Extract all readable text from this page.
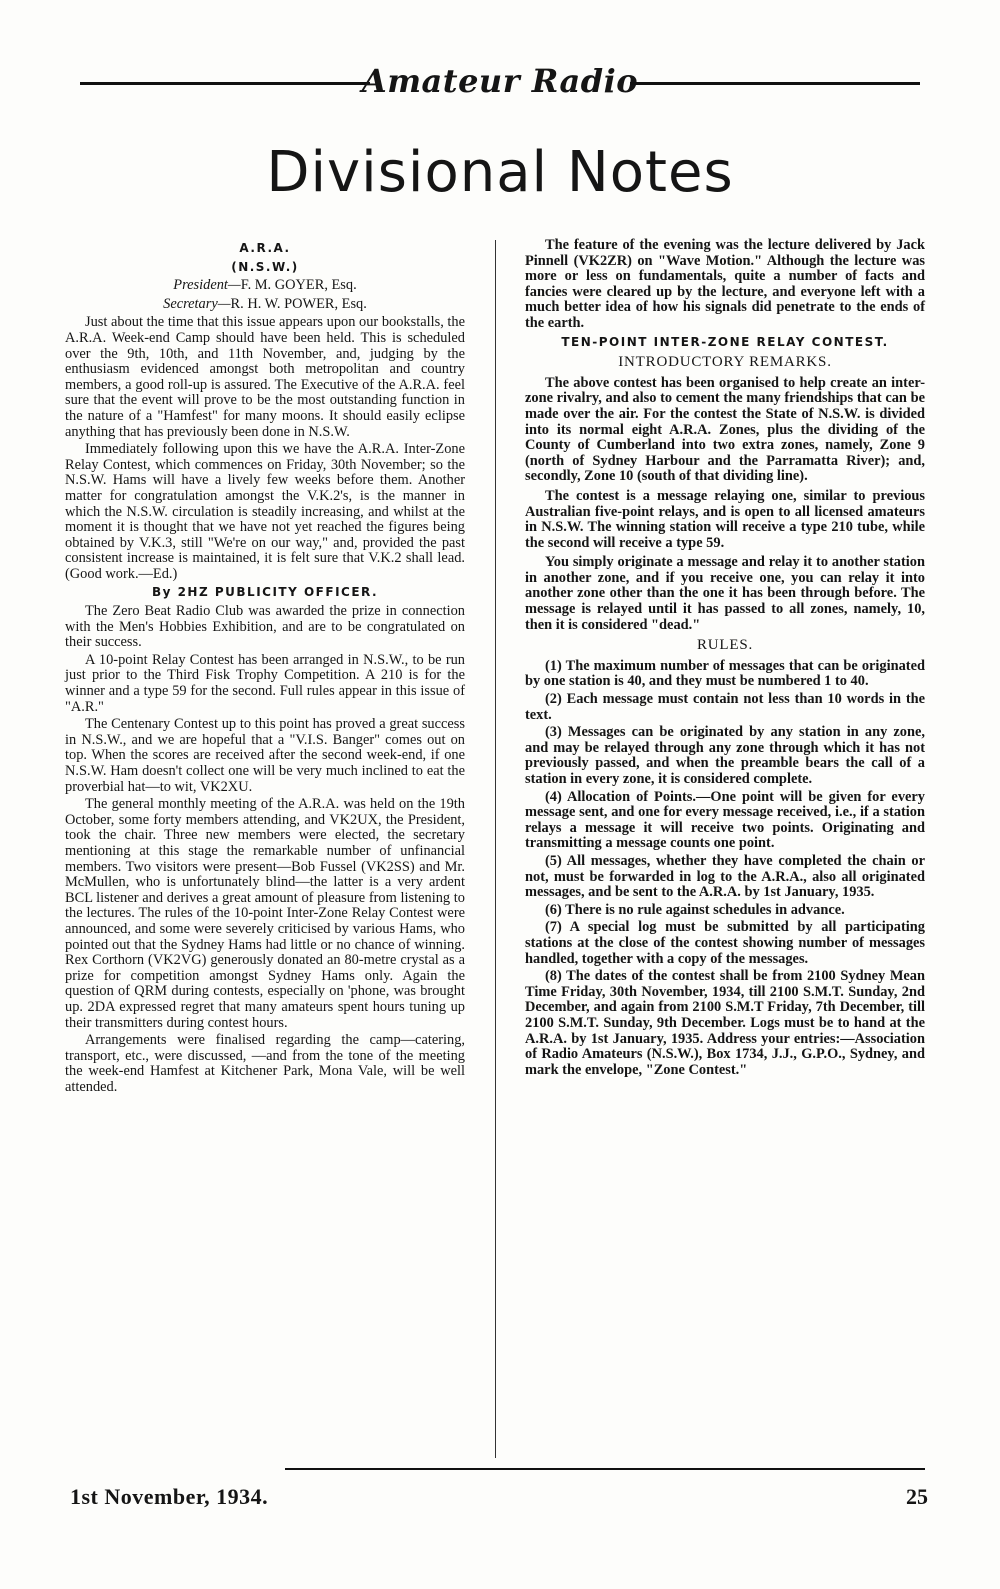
Amateur Radio
Divisional Notes
A.R.A.
(N.S.W.)
President—F. M. GOYER, Esq.
Secretary—R. H. W. POWER, Esq.

Just about the time that this issue appears upon our bookstalls, the A.R.A. Week-end Camp should have been held. This is scheduled over the 9th, 10th, and 11th November, and, judging by the enthusiasm evidenced amongst both metropolitan and country members, a good roll-up is assured. The Executive of the A.R.A. feel sure that the event will prove to be the most outstanding function in the nature of a "Hamfest" for many moons. It should easily eclipse anything that has previously been done in N.S.W.

Immediately following upon this we have the A.R.A. Inter-Zone Relay Contest, which commences on Friday, 30th November; so the N.S.W. Hams will have a lively few weeks before them. Another matter for congratulation amongst the V.K.2's, is the manner in which the N.S.W. circulation is steadily increasing, and whilst at the moment it is thought that we have not yet reached the figures being obtained by V.K.3, still "We're on our way," and, provided the past consistent increase is maintained, it is felt sure that V.K.2 shall lead. (Good work.—Ed.)

By 2HZ PUBLICITY OFFICER.

The Zero Beat Radio Club was awarded the prize in connection with the Men's Hobbies Exhibition, and are to be congratulated on their success.

A 10-point Relay Contest has been arranged in N.S.W., to be run just prior to the Third Fisk Trophy Competition. A 210 is for the winner and a type 59 for the second. Full rules appear in this issue of "A.R."

The Centenary Contest up to this point has proved a great success in N.S.W., and we are hopeful that a "V.I.S. Banger" comes out on top. When the scores are received after the second week-end, if one N.S.W. Ham doesn't collect one will be very much inclined to eat the proverbial hat—to wit, VK2XU.

The general monthly meeting of the A.R.A. was held on the 19th October, some forty members attending, and VK2UX, the President, took the chair. Three new members were elected, the secretary mentioning at this stage the remarkable number of unfinancial members. Two visitors were present—Bob Fussel (VK2SS) and Mr. McMullen, who is unfortunately blind—the latter is a very ardent BCL listener and derives a great amount of pleasure from listening to the lectures. The rules of the 10-point Inter-Zone Relay Contest were announced, and some were severely criticised by various Hams, who pointed out that the Sydney Hams had little or no chance of winning. Rex Corthorn (VK2VG) generously donated an 80-metre crystal as a prize for competition amongst Sydney Hams only. Again the question of QRM during contests, especially on 'phone, was brought up. 2DA expressed regret that many amateurs spent hours tuning up their transmitters during contest hours.

Arrangements were finalised regarding the camp—catering, transport, etc., were discussed, —and from the tone of the meeting the week-end Hamfest at Kitchener Park, Mona Vale, will be well attended.

The feature of the evening was the lecture delivered by Jack Pinnell (VK2ZR) on "Wave Motion." Although the lecture was more or less on fundamentals, quite a number of facts and fancies were cleared up by the lecture, and everyone left with a much better idea of how his signals did penetrate to the ends of the earth.

TEN-POINT INTER-ZONE RELAY CONTEST.
INTRODUCTORY REMARKS.

The above contest has been organised to help create an inter-zone rivalry, and also to cement the many friendships that can be made over the air. For the contest the State of N.S.W. is divided into its normal eight A.R.A. Zones, plus the dividing of the County of Cumberland into two extra zones, namely, Zone 9 (north of Sydney Harbour and the Parramatta River); and, secondly, Zone 10 (south of that dividing line).

The contest is a message relaying one, similar to previous Australian five-point relays, and is open to all licensed amateurs in N.S.W. The winning station will receive a type 210 tube, while the second will receive a type 59.

You simply originate a message and relay it to another station in another zone, and if you receive one, you can relay it into another zone other than the one it has been through before. The message is relayed until it has passed to all zones, namely, 10, then it is considered "dead."

RULES.

(1) The maximum number of messages that can be originated by one station is 40, and they must be numbered 1 to 40.

(2) Each message must contain not less than 10 words in the text.

(3) Messages can be originated by any station in any zone, and may be relayed through any zone through which it has not previously passed, and when the preamble bears the call of a station in every zone, it is considered complete.

(4) Allocation of Points.—One point will be given for every message sent, and one for every message received, i.e., if a station relays a message it will receive two points. Originating and transmitting a message counts one point.

(5) All messages, whether they have completed the chain or not, must be forwarded in log to the A.R.A., also all originated messages, and be sent to the A.R.A. by 1st January, 1935.

(6) There is no rule against schedules in advance.

(7) A special log must be submitted by all participating stations at the close of the contest showing number of messages handled, together with a copy of the messages.

(8) The dates of the contest shall be from 2100 Sydney Mean Time Friday, 30th November, 1934, till 2100 S.M.T. Sunday, 2nd December, and again from 2100 S.M.T Friday, 7th December, till 2100 S.M.T. Sunday, 9th December. Logs must be to hand at the A.R.A. by 1st January, 1935. Address your entries:—Association of Radio Amateurs (N.S.W.), Box 1734, J.J., G.P.O., Sydney, and mark the envelope, "Zone Contest."

1st November, 1934.	25
